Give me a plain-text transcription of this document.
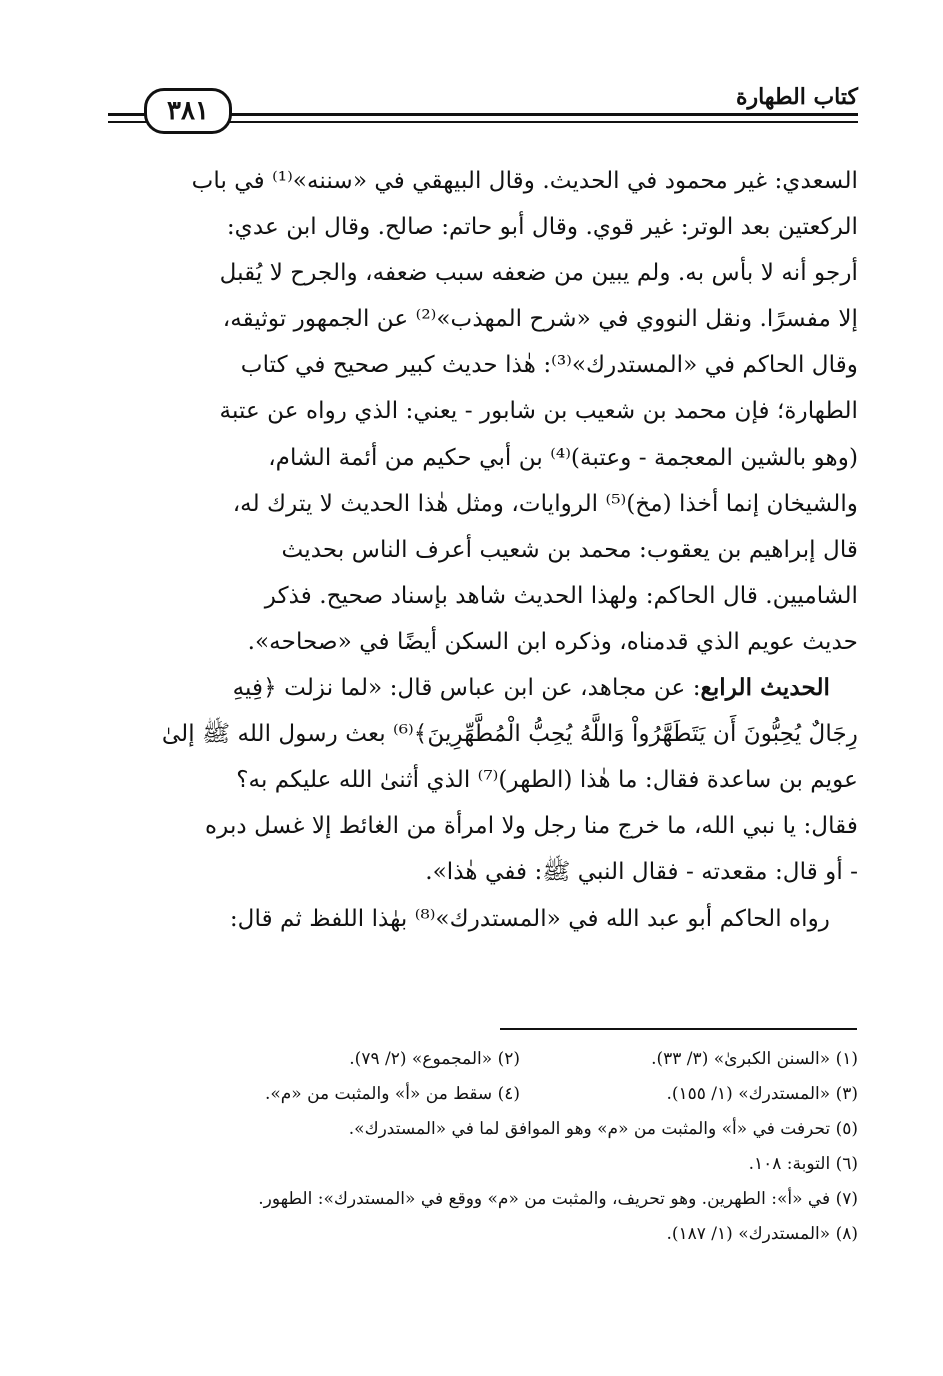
٣٨١	كتاب الطهارة

السعدي: غير محمود في الحديث. وقال البيهقي في «سننه»⁽¹⁾ في باب

الركعتين بعد الوتر: غير قوي. وقال أبو حاتم: صالح. وقال ابن عدي:

أرجو أنه لا بأس به. ولم يبين من ضعفه سبب ضعفه، والجرح لا يُقبل

إلا مفسرًا. ونقل النووي في «شرح المهذب»⁽²⁾ عن الجمهور توثيقه،

وقال الحاكم في «المستدرك»⁽³⁾: هٰذا حديث كبير صحيح في كتاب

الطهارة؛ فإن محمد بن شعيب بن شابور - يعني: الذي رواه عن عتبة

(وهو بالشين المعجمة - وعتبة)⁽⁴⁾ بن أبي حكيم من أئمة الشام،

والشيخان إنما أخذا (مخ)⁽⁵⁾ الروايات، ومثل هٰذا الحديث لا يترك له،

قال إبراهيم بن يعقوب: محمد بن شعيب أعرف الناس بحديث

الشاميين. قال الحاكم: ولهذا الحديث شاهد بإسناد صحيح. فذكر

حديث عويم الذي قدمناه، وذكره ابن السكن أيضًا في «صحاحه».

الحديث الرابع: عن مجاهد، عن ابن عباس قال: «لما نزلت ﴿فِيهِ

رِجَالٌ يُحِبُّونَ أَن يَتَطَهَّرُواْ وَاللَّهُ يُحِبُّ الْمُطَّهِّرِينَ﴾⁽⁶⁾ بعث رسول الله ﷺ إلىٰ

عويم بن ساعدة فقال: ما هٰذا (الطهر)⁽⁷⁾ الذي أثنىٰ الله عليكم به؟

فقال: يا نبي الله، ما خرج منا رجل ولا امرأة من الغائط إلا غسل دبره

- أو قال: مقعدته - فقال النبي ﷺ: ففي هٰذا».

رواه الحاكم أبو عبد الله في «المستدرك»⁽⁸⁾ بهٰذا اللفظ ثم قال:

(١) «السنن الكبرىٰ» (٣/ ٣٣).
(٢) «المجموع» (٢/ ٧٩).
(٣) «المستدرك» (١/ ١٥٥).
(٤) سقط من «أ» والمثبت من «م».
(٥) تحرفت في «أ» والمثبت من «م» وهو الموافق لما في «المستدرك».
(٦) التوبة: ١٠٨.
(٧) في «أ»: الطهرين. وهو تحريف، والمثبت من «م» ووقع في «المستدرك»: الطهور.
(٨) «المستدرك» (١/ ١٨٧).
